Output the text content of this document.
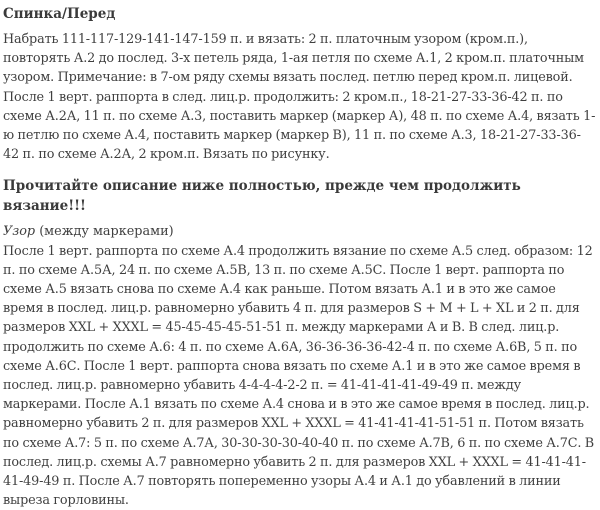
Спинка/Перед

Набрать 111-117-129-141-147-159 п. и вязать: 2 п. платочным узором (кром.п.), повторять А.2 до послед. 3-х петель ряда, 1-ая петля по схеме А.1, 2 кром.п. платочным узором. Примечание: в 7-ом ряду схемы вязать послед. петлю перед кром.п. лицевой. После 1 верт. раппорта в след. лиц.р. продолжить: 2 кром.п., 18-21-27-33-36-42 п. по схеме А.2А, 11 п. по схеме А.3, поставить маркер (маркер А), 48 п. по схеме А.4, вязать 1-ю петлю по схеме А.4, поставить маркер (маркер В), 11 п. по схеме А.3, 18-21-27-33-36-42 п. по схеме А.2А, 2 кром.п. Вязать по рисунку.

Прочитайте описание ниже полностью, прежде чем продолжить вязание!!!

Узор (между маркерами)

После 1 верт. раппорта по схеме А.4 продолжить вязание по схеме А.5 след. образом: 12 п. по схеме А.5А, 24 п. по схеме А.5В, 13 п. по схеме А.5С. После 1 верт. раппорта по схеме А.5 вязать снова по схеме А.4 как раньше. Потом вязать А.1 и в это же самое время в послед. лиц.р. равномерно убавить 4 п. для размеров S + M + L + XL и 2 п. для размеров XXL + XXXL = 45-45-45-45-51-51 п. между маркерами А и В. В след. лиц.р. продолжить по схеме А.6: 4 п. по схеме А.6А, 36-36-36-36-42-4 п. по схеме А.6В, 5 п. по схеме А.6С. После 1 верт. раппорта снова вязать по схеме А.1 и в это же самое время в послед. лиц.р. равномерно убавить 4-4-4-4-2-2 п. = 41-41-41-41-49-49 п. между маркерами. После А.1 вязать по схеме А.4 снова и в это же самое время в послед. лиц.р. равномерно убавить 2 п. для размеров XXL + XXXL = 41-41-41-41-51-51 п. Потом вязать по схеме А.7: 5 п. по схеме А.7А, 30-30-30-30-40-40 п. по схеме А.7В, 6 п. по схеме А.7С. В послед. лиц.р. схемы А.7 равномерно убавить 2 п. для размеров XXL + XXXL = 41-41-41-41-49-49 п. После А.7 повторять попеременно узоры А.4 и А.1 до убавлений в линии выреза горловины.
